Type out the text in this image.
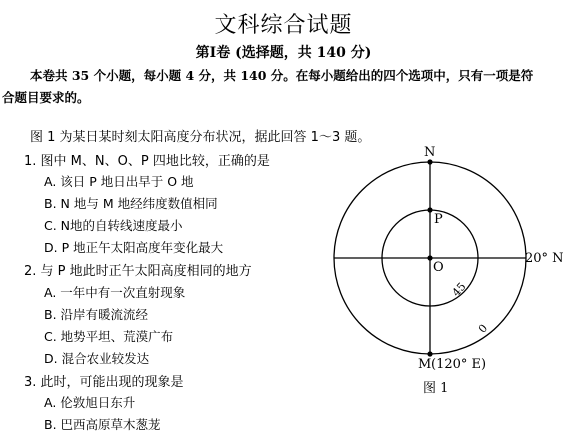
文科综合试题
第Ⅰ卷 (选择题，共 140 分)
本卷共 35 个小题，每小题 4 分，共 140 分。在每小题给出的四个选项中，只有一项是符
合题目要求的。
图 1 为某日某时刻太阳高度分布状况，据此回答 1～3 题。
1. 图中 M、N、O、P 四地比较，正确的是
A. 该日 P 地日出早于 O 地
B. N 地与 M 地经纬度数值相同
C. N地的自转线速度最小
D. P 地正午太阳高度年变化最大
2. 与 P 地此时正午太阳高度相同的地方
A. 一年中有一次直射现象
B. 沿岸有暖流流经
C. 地势平坦、荒漠广布
D. 混合农业较发达
3. 此时，可能出现的现象是
A. 伦敦旭日东升
B. 巴西高原草木葱茏
N
P
O
20° N
M (120° E)
45
0
图 1
